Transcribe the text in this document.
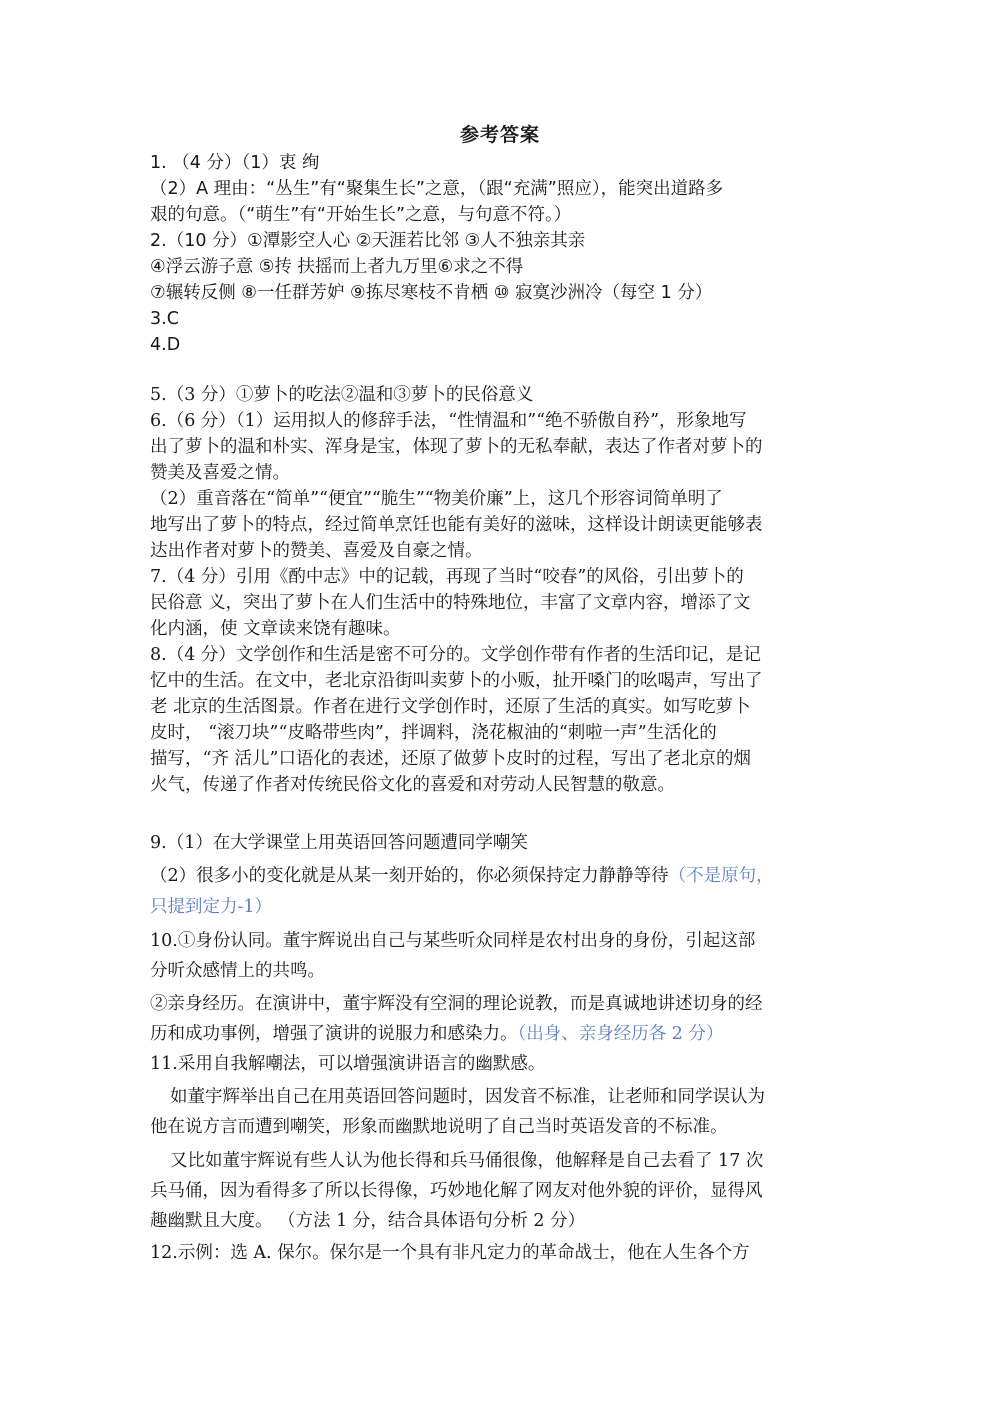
参考答案
1. （4 分）（1）衷 绚
（2）A 理由：“丛生”有“聚集生长”之意，（跟“充满”照应），能突出道路多
艰的句意。（“萌生”有“开始生长”之意，与句意不符。）
2.（10 分）①潭影空人心 ②天涯若比邻 ③人不独亲其亲
④浮云游子意 ⑤抟 扶摇而上者九万里⑥求之不得
⑦辗转反侧 ⑧一任群芳妒 ⑨拣尽寒枝不肯栖 ⑩ 寂寞沙洲冷（每空 1 分）
3.C
4.D
5.（3 分）①萝卜的吃法②温和③萝卜的民俗意义
6.（6 分）（1）运用拟人的修辞手法，“性情温和”“绝不骄傲自矜”，形象地写
出了萝卜的温和朴实、浑身是宝，体现了萝卜的无私奉献，表达了作者对萝卜的
赞美及喜爱之情。
（2）重音落在“简单”“便宜”“脆生”“物美价廉”上，这几个形容词简单明了
地写出了萝卜的特点，经过简单烹饪也能有美好的滋味，这样设计朗读更能够表
达出作者对萝卜的赞美、喜爱及自豪之情。
7.（4 分）引用《酌中志》中的记载，再现了当时“咬春”的风俗，引出萝卜的
民俗意 义，突出了萝卜在人们生活中的特殊地位，丰富了文章内容，增添了文
化内涵，使 文章读来饶有趣味。
8.（4 分）文学创作和生活是密不可分的。文学创作带有作者的生活印记，是记
忆中的生活。在文中，老北京沿街叫卖萝卜的小贩，扯开嗓门的吆喝声，写出了
老 北京的生活图景。作者在进行文学创作时，还原了生活的真实。如写吃萝卜
皮时， “滚刀块”“皮略带些肉”，拌调料，浇花椒油的“刺啦一声”生活化的
描写，“齐 活儿”口语化的表述，还原了做萝卜皮时的过程，写出了老北京的烟
火气，传递了作者对传统民俗文化的喜爱和对劳动人民智慧的敬意。
9.（1）在大学课堂上用英语回答问题遭同学嘲笑
（2）很多小的变化就是从某一刻开始的，你必须保持定力静静等待（不是原句，
只提到定力-1）
10.①身份认同。董宇辉说出自己与某些听众同样是农村出身的身份，引起这部
分听众感情上的共鸣。
②亲身经历。在演讲中，董宇辉没有空洞的理论说教，而是真诚地讲述切身的经
历和成功事例，增强了演讲的说服力和感染力。（出身、亲身经历各 2 分）
11.采用自我解嘲法，可以增强演讲语言的幽默感。
如董宇辉举出自己在用英语回答问题时，因发音不标准，让老师和同学误认为
他在说方言而遭到嘲笑，形象而幽默地说明了自己当时英语发音的不标准。
又比如董宇辉说有些人认为他长得和兵马俑很像，他解释是自己去看了 17 次
兵马俑，因为看得多了所以长得像，巧妙地化解了网友对他外貌的评价，显得风
趣幽默且大度。 （方法 1 分，结合具体语句分析 2 分）
12.示例：选 A. 保尔。保尔是一个具有非凡定力的革命战士，他在人生各个方
